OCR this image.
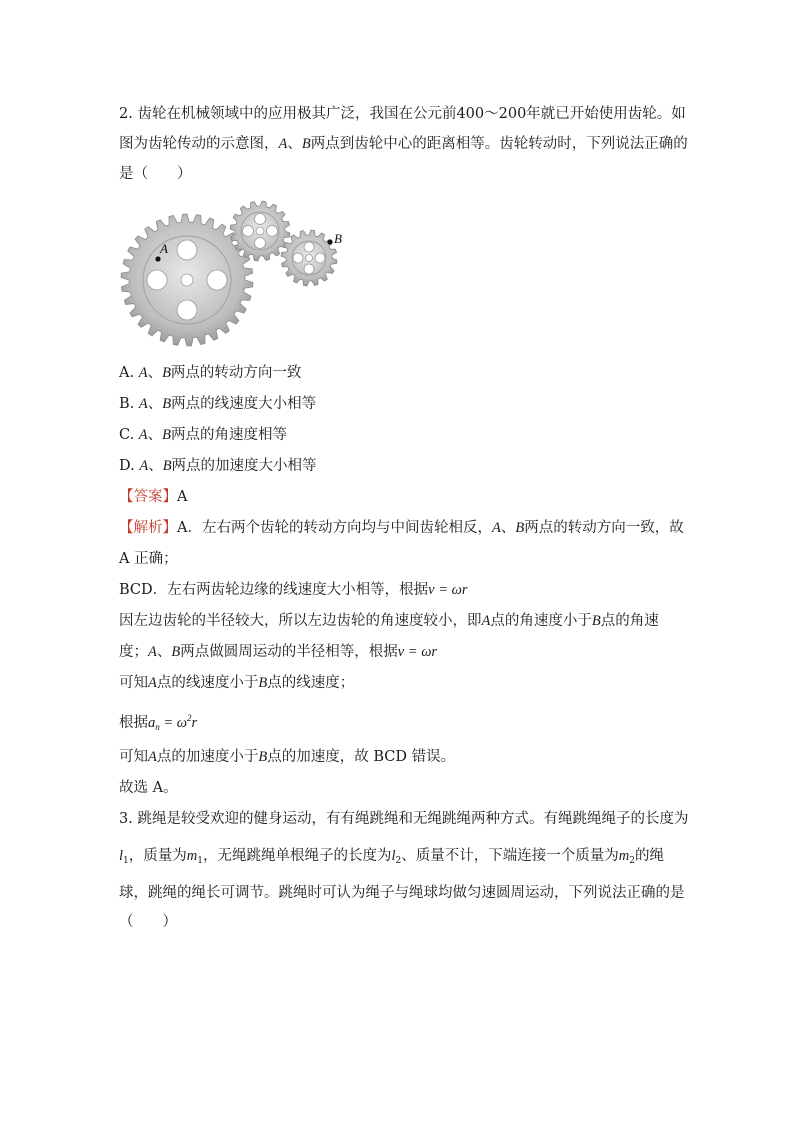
2. 齿轮在机械领域中的应用极其广泛，我国在公元前400～200年就已开始使用齿轮。如
图为齿轮传动的示意图，A、B两点到齿轮中心的距离相等。齿轮转动时，下列说法正确的
是（　　）
A
B
A. A、B两点的转动方向一致
B. A、B两点的线速度大小相等
C. A、B两点的角速度相等
D. A、B两点的加速度大小相等
【答案】A
【解析】A．左右两个齿轮的转动方向均与中间齿轮相反，A、B两点的转动方向一致，故
A 正确；
BCD．左右两齿轮边缘的线速度大小相等，根据v = ωr
因左边齿轮的半径较大，所以左边齿轮的角速度较小，即A点的角速度小于B点的角速
度；A、B两点做圆周运动的半径相等，根据v = ωr
可知A点的线速度小于B点的线速度；
根据$a_n = \omega^2r$
可知A点的加速度小于B点的加速度，故 BCD 错误。
故选 A。
3. 跳绳是较受欢迎的健身运动，有有绳跳绳和无绳跳绳两种方式。有绳跳绳绳子的长度为
$l_1$，质量为$m_1$，无绳跳绳单根绳子的长度为$l_2$、质量不计，下端连接一个质量为$m_2$的绳
球，跳绳的绳长可调节。跳绳时可认为绳子与绳球均做匀速圆周运动，下列说法正确的是
（　　）
